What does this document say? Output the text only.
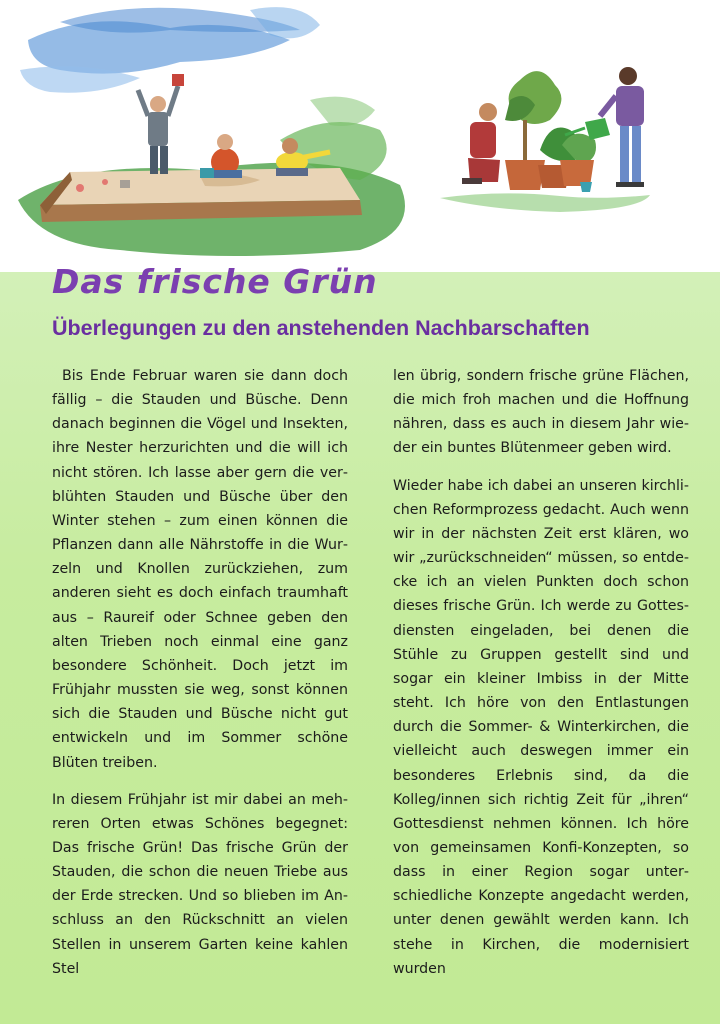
Das frische Grün
Überlegungen zu den anstehenden Nachbarschaften

Bis Ende Februar waren sie dann doch fällig – die Stauden und Büsche. Denn danach beginnen die Vögel und Insekten, ihre Nester herzurichten und die will ich nicht stören. Ich lasse aber gern die verblühten Stauden und Büsche über den Winter stehen – zum einen können die Pflanzen dann alle Nährstoffe in die Wurzeln und Knollen zurückziehen, zum anderen sieht es doch einfach traumhaft aus – Raureif oder Schnee geben den alten Trieben noch einmal eine ganz besondere Schönheit. Doch jetzt im Frühjahr mussten sie weg, sonst können sich die Stauden und Büsche nicht gut entwickeln und im Sommer schöne Blüten treiben.

In diesem Frühjahr ist mir dabei an mehreren Orten etwas Schönes begegnet: Das frische Grün! Das frische Grün der Stauden, die schon die neuen Triebe aus der Erde strecken. Und so blieben im Anschluss an den Rückschnitt an vielen Stellen in unserem Garten keine kahlen Stel

len übrig, sondern frische grüne Flächen, die mich froh machen und die Hoffnung nähren, dass es auch in diesem Jahr wieder ein buntes Blütenmeer geben wird.

Wieder habe ich dabei an unseren kirchlichen Reformprozess gedacht. Auch wenn wir in der nächsten Zeit erst klären, wo wir „zurückschneiden“ müssen, so entdecke ich an vielen Punkten doch schon dieses frische Grün. Ich werde zu Gottesdiensten eingeladen, bei denen die Stühle zu Gruppen gestellt sind und sogar ein kleiner Imbiss in der Mitte steht. Ich höre von den Entlastungen durch die Sommer- & Winterkirchen, die vielleicht auch deswegen immer ein besonderes Erlebnis sind, da die Kolleg/innen sich richtig Zeit für „ihren“ Gottesdienst nehmen können. Ich höre von gemeinsamen Konfi-Konzepten, so dass in einer Region sogar unterschiedliche Konzepte angedacht werden, unter denen gewählt werden kann. Ich stehe in Kirchen, die modernisiert wurden
